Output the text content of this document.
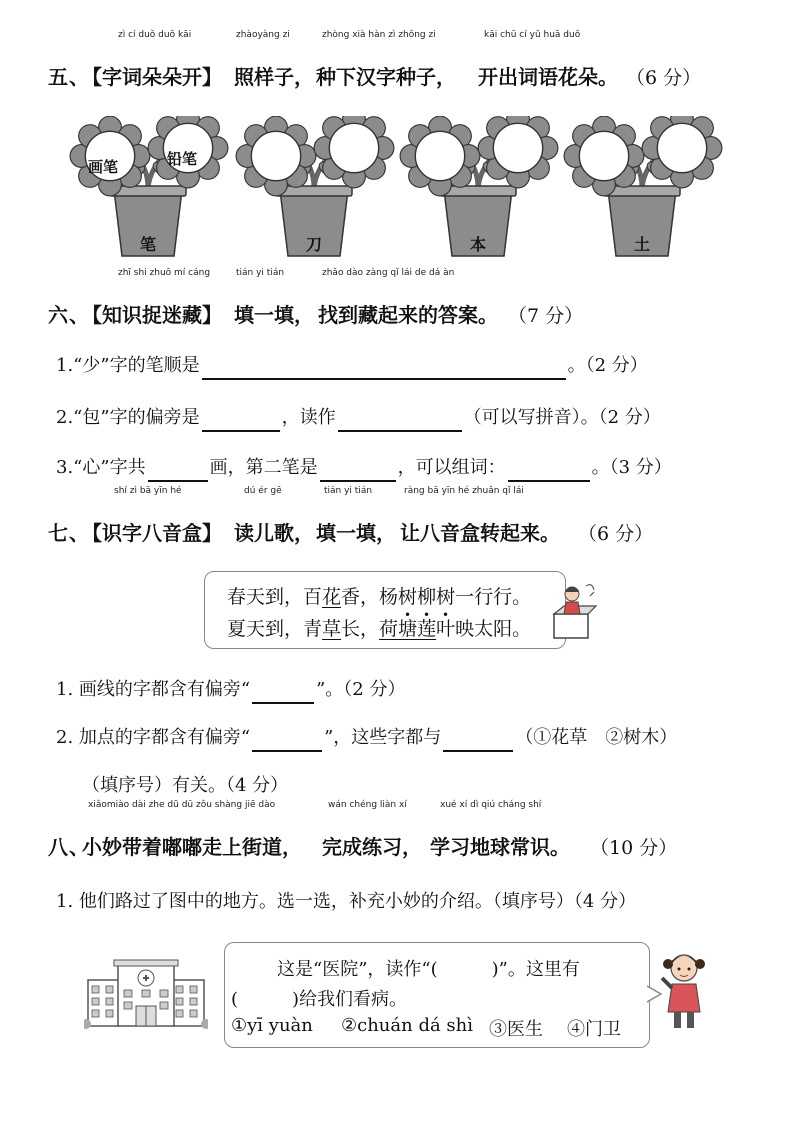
五、
zì cí duǒ duǒ kāi
【字词朵朵开】
zhàoyàng zi
照样子，
zhòng xià hàn zì zhǒng zi
种下汉字种子，
kāi chū cí yǔ huā duǒ
开出词语花朵。 （6 分）
画笔	铅笔
笔	刀	本	土
六、
zhī shi zhuō mí cáng
【知识捉迷藏】
tián yi tián
填一填，
zhǎo dào zàng qǐ lái de dá àn
找到藏起来的答案。 （7 分）
1.“少”字的笔顺是	。（2 分）
2.“包”字的偏旁是	，读作	（可以写拼音）。（2 分）
3.“心”字共	画，第二笔是	，可以组词：	。（3 分）
七、
shí zì bā yīn hé
【识字八音盒】
dú ér gē
读儿歌，
tián yi tián
填一填，
ràng bā yīn hé zhuǎn qǐ lái
让八音盒转起来。 （6 分）
春天到，百花香，杨树柳树一行行。
夏天到，青草长，荷塘莲叶映太阳。
1. 画线的字都含有偏旁“	”。（2 分）
2. 加点的字都含有偏旁“	”，这些字都与	（①花草　②树木）
（填序号）有关。（4 分）
八、
xiǎomiào dài zhe dū dū zǒu shàng jiē dào
小妙带着嘟嘟走上街道，
wán chéng liàn xí
完成练习，
xué xí dì qiú cháng shí
学习地球常识。 （10 分）
1. 他们路过了图中的地方。选一选，补充小妙的介绍。（填序号）（4 分）
这是“医院”，读作“(　　　)”。这里有
(　　　)给我们看病。
①yī yuàn ②chuán dá shì ③医生 ④门卫
